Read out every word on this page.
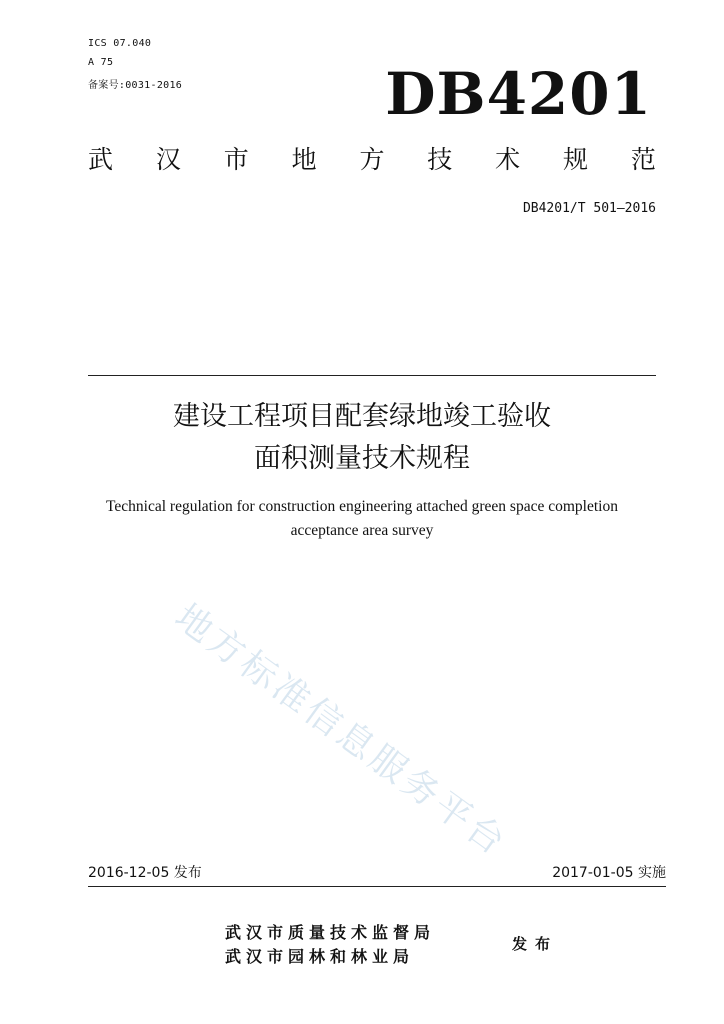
ICS 07.040
A 75
备案号:0031-2016	DB4201
武 汉 市 地 方 技 术 规 范
DB4201/T 501—2016
建设工程项目配套绿地竣工验收
面积测量技术规程
Technical regulation for construction engineering attached green space completion
acceptance area survey
地方标准信息服务平台
2016-12-05 发布	2017-01-05 实施
武汉市质量技术监督局
武汉市园林和林业局
发布
